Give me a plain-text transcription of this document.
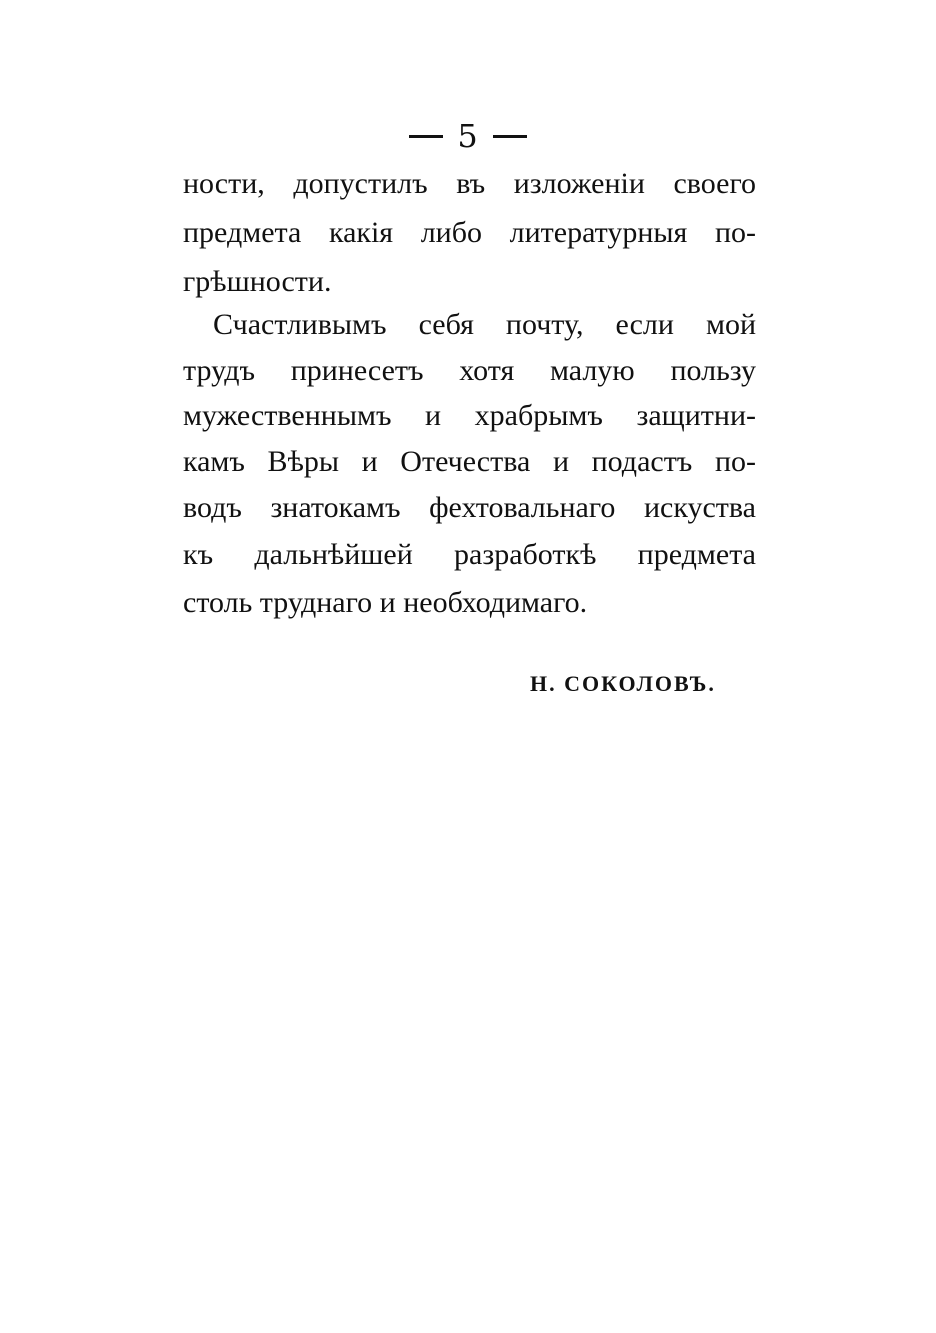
5
ности, допустилъ въ изложеніи своего
предмета какія либо литературныя по-
грѣшности.
Счастливымъ себя почту, если мой
трудъ принесетъ хотя малую пользу
мужественнымъ и храбрымъ защитни-
камъ Вѣры и Отечества и подастъ по-
водъ знатокамъ фехтовальнаго искуства
къ дальнѣйшей разработкѣ предмета
столь труднаго и необходимаго.
Н. СОКОЛОВЪ.
